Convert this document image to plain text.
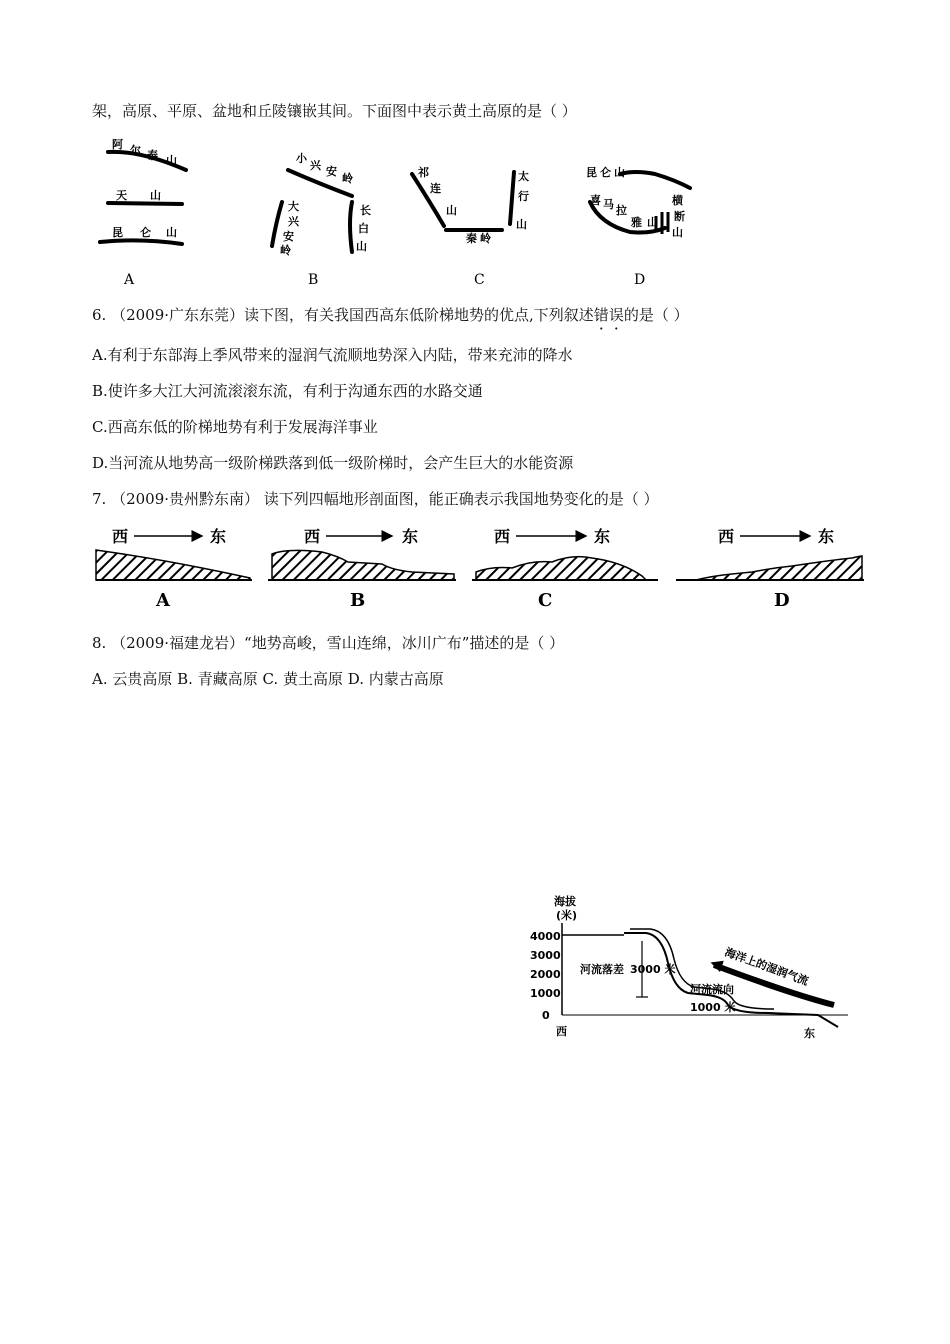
架，高原、平原、盆地和丘陵镶嵌其间。下面图中表示黄土高原的是（ ）
阿 尔 泰 山
天 山
昆 仑 山
A
小
兴 安
岭
大
兴
安
岭
长
白
山
B
祁
连
山
太
行
山
秦 岭
C
昆 仑 山
喜 马 拉
雅 山
横
断
山
D
6. （2009·广东东莞）读下图，有关我国西高东低阶梯地势的优点,下列叙述错误的是（ ）
A.有利于东部海上季风带来的湿润气流顺地势深入内陆，带来充沛的降水
B.使许多大江大河流滚滚东流，有利于沟通东西的水路交通
C.西高东低的阶梯地势有利于发展海洋事业
D.当河流从地势高一级阶梯跌落到低一级阶梯时，会产生巨大的水能资源
7. （2009·贵州黔东南） 读下列四幅地形剖面图，能正确表示我国地势变化的是（ ）
西	东
A
西	东
B
西	东
C
西	东
D
8. （2009·福建龙岩）“地势高峻，雪山连绵，冰川广布”描述的是（ ）
A. 云贵高原 B. 青藏高原 C. 黄土高原 D. 内蒙古高原
海拔
(米)
4000
3000
2000
1000
0
河流落差 3000 米
河流流向
1000 米
海洋上的湿润气流
西	东
